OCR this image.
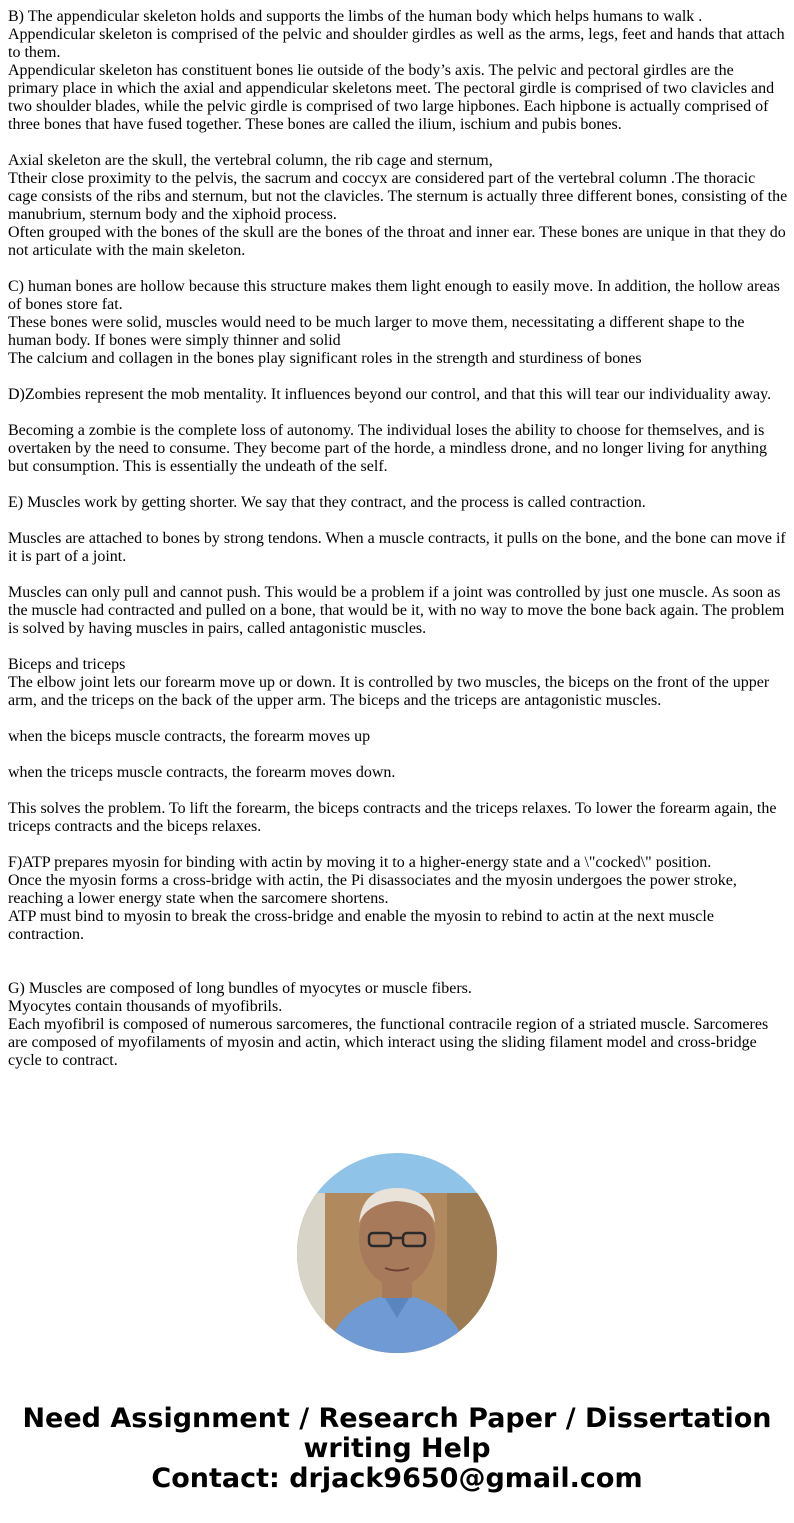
B) The appendicular skeleton holds and supports the limbs of the human body which helps humans to walk .
Appendicular skeleton is comprised of the pelvic and shoulder girdles as well as the arms, legs, feet and hands that attach to them.
Appendicular skeleton has constituent bones lie outside of the body’s axis. The pelvic and pectoral girdles are the primary place in which the axial and appendicular skeletons meet. The pectoral girdle is comprised of two clavicles and two shoulder blades, while the pelvic girdle is comprised of two large hipbones. Each hipbone is actually comprised of three bones that have fused together. These bones are called the ilium, ischium and pubis bones.
Axial skeleton are the skull, the vertebral column, the rib cage and sternum,
Ttheir close proximity to the pelvis, the sacrum and coccyx are considered part of the vertebral column .The thoracic cage consists of the ribs and sternum, but not the clavicles. The sternum is actually three different bones, consisting of the manubrium, sternum body and the xiphoid process.
Often grouped with the bones of the skull are the bones of the throat and inner ear. These bones are unique in that they do not articulate with the main skeleton.
C) human bones are hollow because this structure makes them light enough to easily move. In addition, the hollow areas of bones store fat.
These bones were solid, muscles would need to be much larger to move them, necessitating a different shape to the human body. If bones were simply thinner and solid
The calcium and collagen in the bones play significant roles in the strength and sturdiness of bones
D)Zombies represent the mob mentality. It influences beyond our control, and that this will tear our individuality away.
Becoming a zombie is the complete loss of autonomy. The individual loses the ability to choose for themselves, and is overtaken by the need to consume. They become part of the horde, a mindless drone, and no longer living for anything but consumption. This is essentially the undeath of the self.
E) Muscles work by getting shorter. We say that they contract, and the process is called contraction.
Muscles are attached to bones by strong tendons. When a muscle contracts, it pulls on the bone, and the bone can move if it is part of a joint.
Muscles can only pull and cannot push. This would be a problem if a joint was controlled by just one muscle. As soon as the muscle had contracted and pulled on a bone, that would be it, with no way to move the bone back again. The problem is solved by having muscles in pairs, called antagonistic muscles.
Biceps and triceps
The elbow joint lets our forearm move up or down. It is controlled by two muscles, the biceps on the front of the upper arm, and the triceps on the back of the upper arm. The biceps and the triceps are antagonistic muscles.
when the biceps muscle contracts, the forearm moves up
when the triceps muscle contracts, the forearm moves down.
This solves the problem. To lift the forearm, the biceps contracts and the triceps relaxes. To lower the forearm again, the triceps contracts and the biceps relaxes.
F)ATP prepares myosin for binding with actin by moving it to a higher-energy state and a \"cocked\" position.
Once the myosin forms a cross-bridge with actin, the Pi disassociates and the myosin undergoes the power stroke, reaching a lower energy state when the sarcomere shortens.
ATP must bind to myosin to break the cross-bridge and enable the myosin to rebind to actin at the next muscle contraction.
G) Muscles are composed of long bundles of myocytes or muscle fibers.
Myocytes contain thousands of myofibrils.
Each myofibril is composed of numerous sarcomeres, the functional contracile region of a striated muscle. Sarcomeres are composed of myofilaments of myosin and actin, which interact using the sliding filament model and cross-bridge cycle to contract.
Need Assignment / Research Paper / Dissertation
writing Help
Contact: drjack9650@gmail.com
